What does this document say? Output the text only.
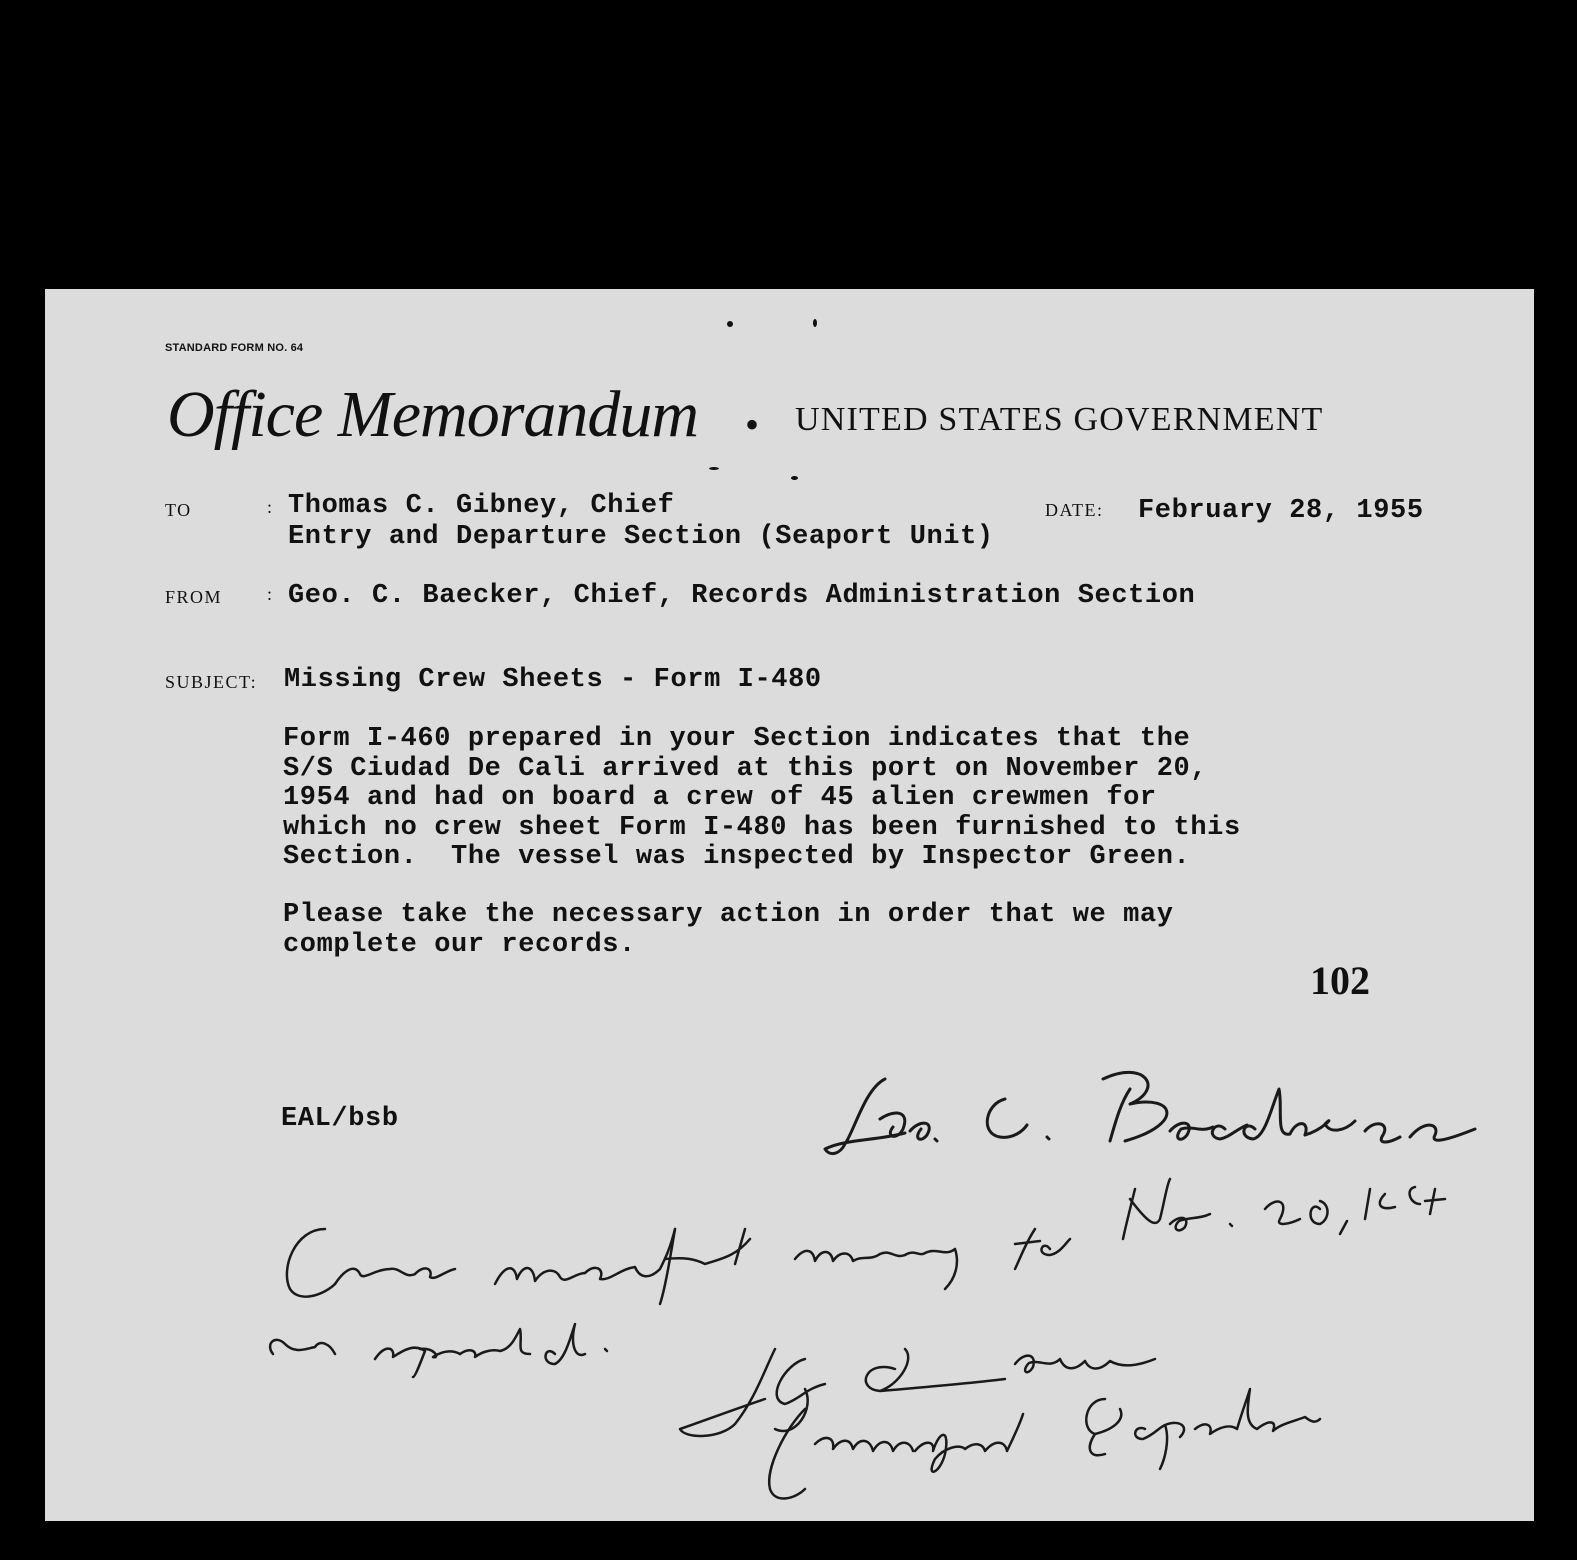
STANDARD FORM NO. 64
Office Memorandum • UNITED STATES GOVERNMENT
TO	: Thomas C. Gibney, Chief
Entry and Departure Section (Seaport Unit)
DATE: February 28, 1955
FROM : Geo. C. Baecker, Chief, Records Administration Section
SUBJECT: Missing Crew Sheets - Form I-480
Form I-460 prepared in your Section indicates that the
S/S Ciudad De Cali arrived at this port on November 20,
1954 and had on board a crew of 45 alien crewmen for
which no crew sheet Form I-480 has been furnished to this
Section.  The vessel was inspected by Inspector Green.
Please take the necessary action in order that we may
complete our records.
102
EAL/bsb
